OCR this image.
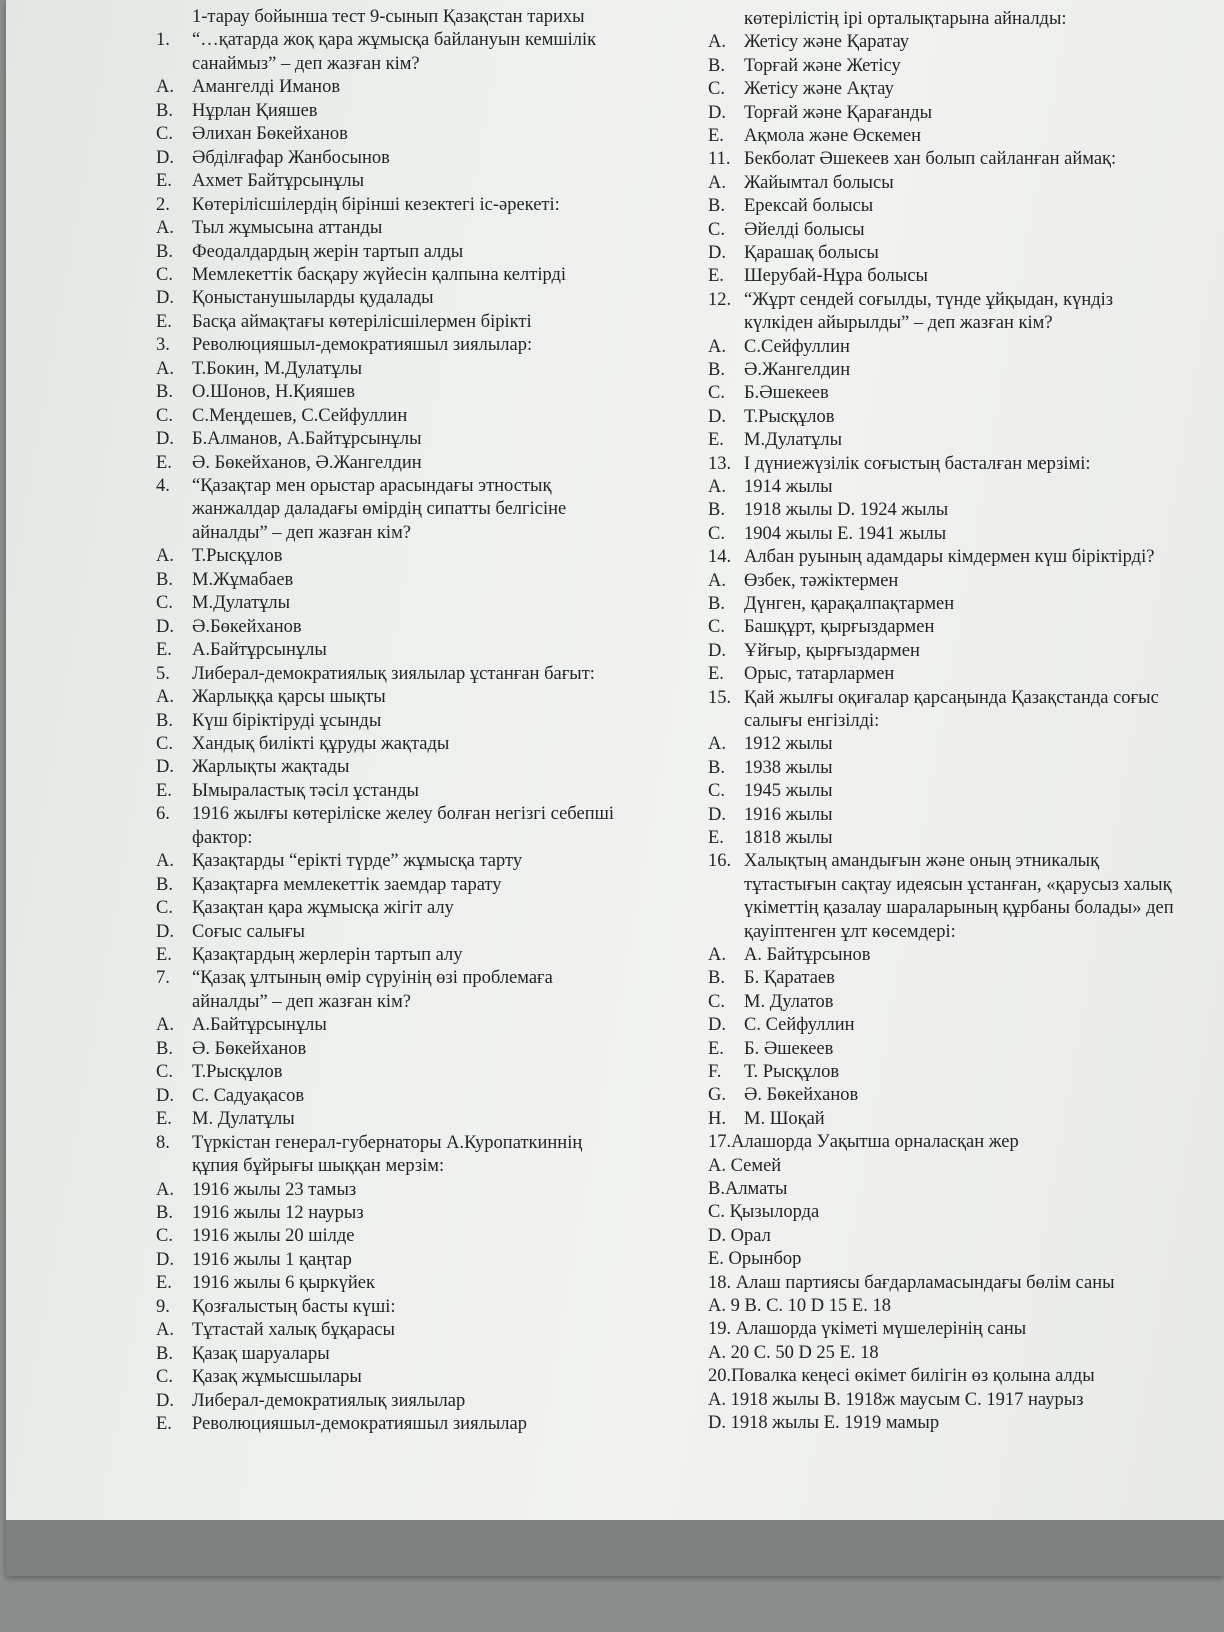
1-тарау бойынша тест 9-сынып Қазақстан тарихы
1. “…қатарда жоқ қара жұмысқа байлануын кемшілік
санаймыз” – деп жазған кім?
A. Амангелді Иманов
B. Нұрлан Қияшев
C. Әлихан Бөкейханов
D. Әбділғафар Жанбосынов
E. Ахмет Байтұрсынұлы
2. Көтерілісшілердің бірінші кезектегі іс-әрекеті:
A. Тыл жұмысына аттанды
B. Феодалдардың жерін тартып алды
C. Мемлекеттік басқару жүйесін қалпына келтірді
D. Қоныстанушыларды қудалады
E. Басқа аймақтағы көтерілісшілермен бірікті
3. Революцияшыл-демократияшыл зиялылар:
A. Т.Бокин, М.Дулатұлы
B. О.Шонов, Н.Қияшев
C. С.Меңдешев, С.Сейфуллин
D. Б.Алманов, А.Байтұрсынұлы
E. Ә. Бөкейханов, Ә.Жангелдин
4. “Қазақтар мен орыстар арасындағы этностық
жанжалдар даладағы өмірдің сипатты белгісіне
айналды” – деп жазған кім?
A. Т.Рысқұлов
B. М.Жұмабаев
C. М.Дулатұлы
D. Ә.Бөкейханов
E. А.Байтұрсынұлы
5. Либерал-демократиялық зиялылар ұстанған бағыт:
A. Жарлыққа қарсы шықты
B. Күш біріктіруді ұсынды
C. Хандық билікті құруды жақтады
D. Жарлықты жақтады
E. Ымыраластық тәсіл ұстанды
6. 1916 жылғы көтеріліске желеу болған негізгі себепші
фактор:
A. Қазақтарды “ерікті түрде” жұмысқа тарту
B. Қазақтарға мемлекеттік заемдар тарату
C. Қазақтан қара жұмысқа жігіт алу
D. Соғыс салығы
E. Қазақтардың жерлерін тартып алу
7. “Қазақ ұлтының өмір сүруінің өзі проблемаға
айналды” – деп жазған кім?
A. А.Байтұрсынұлы
B. Ә. Бөкейханов
C. Т.Рысқұлов
D. С. Садуақасов
E. М. Дулатұлы
8. Түркістан генерал-губернаторы А.Куропаткиннің
құпия бұйрығы шыққан мерзім:
A. 1916 жылы 23 тамыз
B. 1916 жылы 12 наурыз
C. 1916 жылы 20 шілде
D. 1916 жылы 1 қаңтар
E. 1916 жылы 6 қыркүйек
9. Қозғалыстың басты күші:
A. Тұтастай халық бұқарасы
B. Қазақ шаруалары
C. Қазақ жұмысшылары
D. Либерал-демократиялық зиялылар
E. Революцияшыл-демократияшыл зиялылар
көтерілістің ірі орталықтарына айналды:
A. Жетісу және Қаратау
B. Торғай және Жетісу
C. Жетісу және Ақтау
D. Торғай және Қарағанды
E. Ақмола және Өскемен
11. Бекболат Әшекеев хан болып сайланған аймақ:
A. Жайымтал болысы
B. Ерексай болысы
C. Әйелді болысы
D. Қарашақ болысы
E. Шерубай-Нұра болысы
12. “Жұрт сендей соғылды, түнде ұйқыдан, күндіз
күлкіден айырылды” – деп жазған кім?
A. С.Сейфуллин
B. Ә.Жангелдин
C. Б.Әшекеев
D. Т.Рысқұлов
E. М.Дулатұлы
13. I дүниежүзілік соғыстың басталған мерзімі:
A. 1914 жылы
B. 1918 жылы D. 1924 жылы
C. 1904 жылы E. 1941 жылы
14. Албан руының адамдары кімдермен күш біріктірді?
A. Өзбек, тәжіктермен
B. Дүнген, қарақалпақтармен
C. Башқұрт, қырғыздармен
D. Ұйғыр, қырғыздармен
E. Орыс, татарлармен
15. Қай жылғы оқиғалар қарсаңында Қазақстанда соғыс
салығы енгізілді:
A. 1912 жылы
B. 1938 жылы
C. 1945 жылы
D. 1916 жылы
E. 1818 жылы
16. Халықтың амандығын және оның этникалық
тұтастығын сақтау идеясын ұстанған, «қарусыз халық
үкіметтің қазалау шараларының құрбаны болады» деп
қауіптенген ұлт көсемдері:
A. А. Байтұрсынов
B. Б. Қаратаев
C. М. Дулатов
D. С. Сейфуллин
E. Б. Әшекеев
F. Т. Рысқұлов
G. Ә. Бөкейханов
H. М. Шоқай
17.Алашорда Уақытша орналасқан жер
A. Семей
B.Алматы
C. Қызылорда
D. Орал
E. Орынбор
18. Алаш партиясы бағдарламасындағы бөлім саны
A. 9 B. C. 10 D 15 E. 18
19. Алашорда үкіметі мүшелерінің саны
A. 20 C. 50 D 25 E. 18
20.Повалка кеңесі өкімет билігін өз қолына алды
A. 1918 жылы B. 1918ж маусым C. 1917 наурыз
D. 1918 жылы E. 1919 мамыр
